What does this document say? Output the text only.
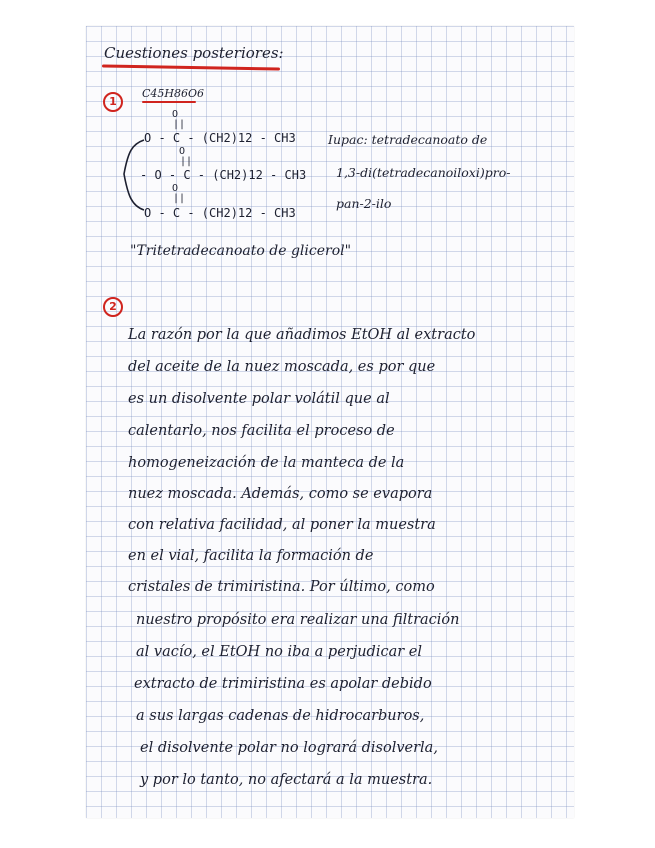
Cuestiones posteriores:
1
C45H86O6
O
||
O - C - (CH2)12 - CH3
O
||
- O - C - (CH2)12 - CH3
O
||
O - C - (CH2)12 - CH3
Iupac: tetradecanoato de
1,3-di(tetradecanoiloxi)pro-
pan-2-ilo
"Tritetradecanoato de glicerol"
2
La razón por la que añadimos EtOH al extracto
del aceite de la nuez moscada, es por que
es un disolvente polar volátil que al
calentarlo, nos facilita el proceso de
homogeneización de la manteca de la
nuez moscada. Además, como se evapora
con relativa facilidad, al poner la muestra
en el vial, facilita la formación de
cristales de trimiristina. Por último, como
nuestro propósito era realizar una filtración
al vacío, el EtOH no iba a perjudicar el
extracto de trimiristina es apolar debido
a sus largas cadenas de hidrocarburos,
el disolvente polar no logrará disolverla,
y por lo tanto, no afectará a la muestra.
